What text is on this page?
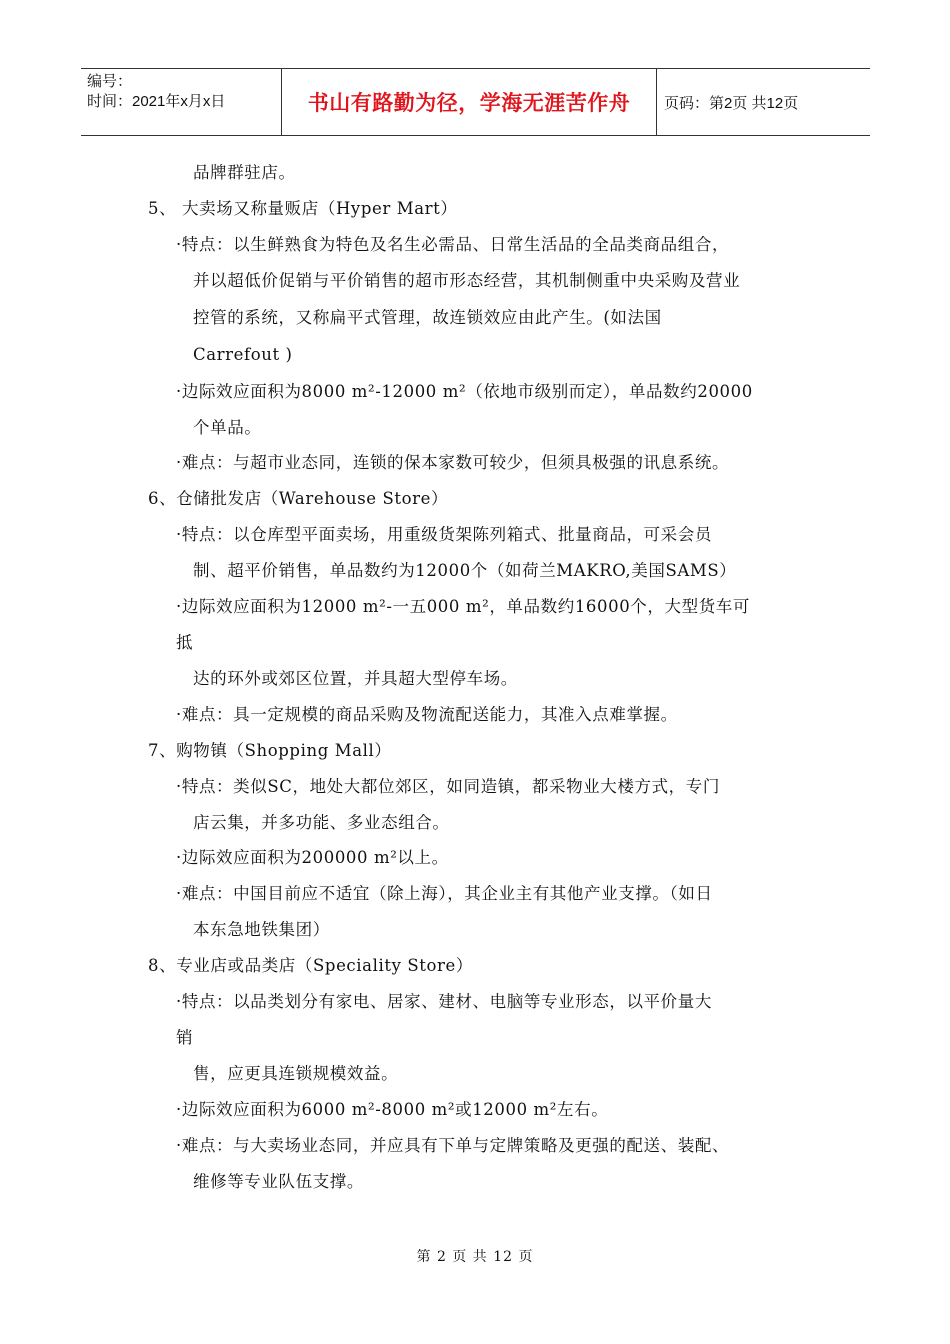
编号：
时间：2021年x月x日	书山有路勤为径，学海无涯苦作舟 页码：第2页 共12页
品牌群驻店。
5、 大卖场又称量贩店（Hyper Mart）
·特点：以生鲜熟食为特色及名生必需品、日常生活品的全品类商品组合，
并以超低价促销与平价销售的超市形态经营，其机制侧重中央采购及营业
控管的系统，又称扁平式管理，故连锁效应由此产生。(如法国
Carrefout )
·边际效应面积为8000 m²-12000 m²（依地市级别而定），单品数约20000
个单品。
·难点：与超市业态同，连锁的保本家数可较少，但须具极强的讯息系统。
6、仓储批发店（Warehouse Store）
·特点：以仓库型平面卖场，用重级货架陈列箱式、批量商品，可采会员
制、超平价销售，单品数约为12000个（如荷兰MAKRO,美国SAMS）
·边际效应面积为12000 m²-一五000 m²，单品数约16000个，大型货车可
抵
达的环外或郊区位置，并具超大型停车场。
·难点：具一定规模的商品采购及物流配送能力，其准入点难掌握。
7、购物镇（Shopping Mall）
·特点：类似SC，地处大都位郊区，如同造镇，都采物业大楼方式，专门
店云集，并多功能、多业态组合。
·边际效应面积为200000 m²以上。
·难点：中国目前应不适宜（除上海），其企业主有其他产业支撑。（如日
本东急地铁集团）
8、专业店或品类店（Speciality Store）
·特点：以品类划分有家电、居家、建材、电脑等专业形态，以平价量大
销
售，应更具连锁规模效益。
·边际效应面积为6000 m²-8000 m²或12000 m²左右。
·难点：与大卖场业态同，并应具有下单与定牌策略及更强的配送、装配、
维修等专业队伍支撑。
第 2 页 共 12 页
